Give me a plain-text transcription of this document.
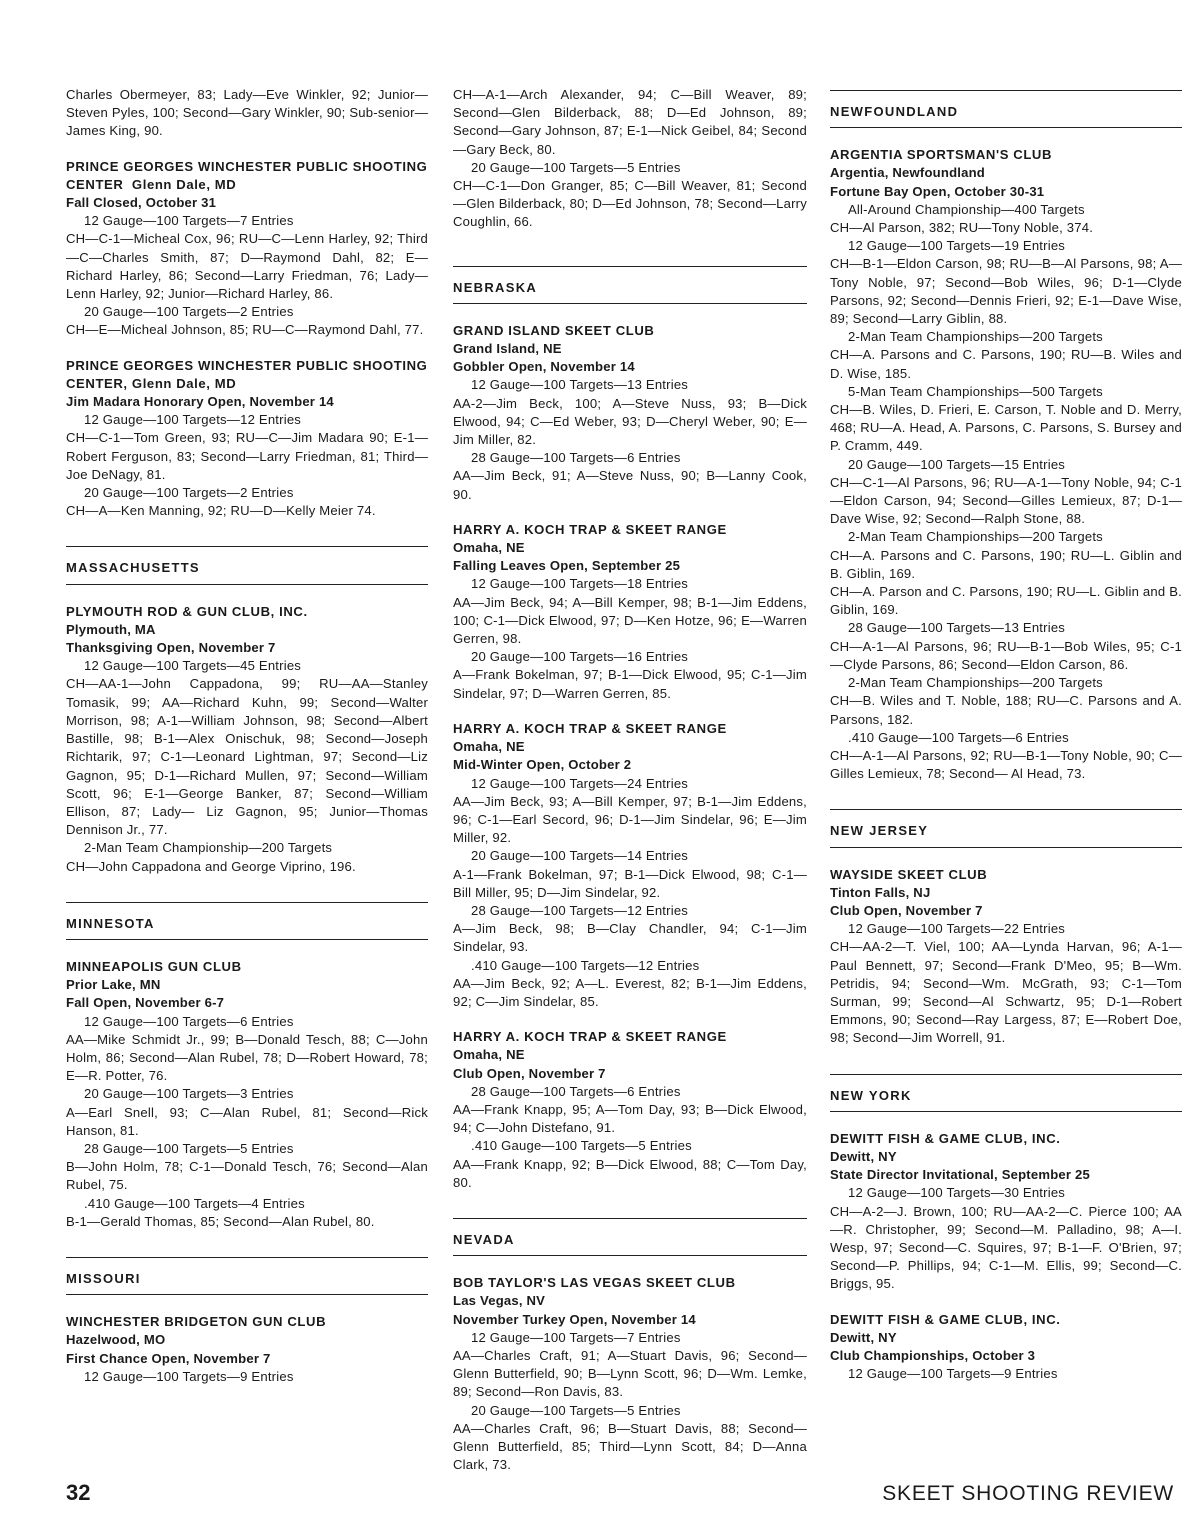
Charles Obermeyer, 83; Lady—Eve Winkler, 92; Junior—Steven Pyles, 100; Second—Gary Winkler, 90; Sub-senior—James King, 90.

PRINCE GEORGES WINCHESTER PUBLIC SHOOTING CENTER Glenn Dale, MD

Fall Closed, October 31

12 Gauge—100 Targets—7 Entries

CH—C-1—Micheal Cox, 96; RU—C—Lenn Harley, 92; Third—C—Charles Smith, 87; D—Raymond Dahl, 82; E—Richard Harley, 86; Second—Larry Friedman, 76; Lady—Lenn Harley, 92; Junior—Richard Harley, 86.

20 Gauge—100 Targets—2 Entries

CH—E—Micheal Johnson, 85; RU—C—Raymond Dahl, 77.

PRINCE GEORGES WINCHESTER PUBLIC SHOOTING CENTER, Glenn Dale, MD

Jim Madara Honorary Open, November 14

12 Gauge—100 Targets—12 Entries

CH—C-1—Tom Green, 93; RU—C—Jim Madara 90; E-1—Robert Ferguson, 83; Second—Larry Friedman, 81; Third—Joe DeNagy, 81.

20 Gauge—100 Targets—2 Entries

CH—A—Ken Manning, 92; RU—D—Kelly Meier 74.

MASSACHUSETTS

PLYMOUTH ROD & GUN CLUB, INC.

Plymouth, MA

Thanksgiving Open, November 7

12 Gauge—100 Targets—45 Entries

CH—AA-1—John Cappadona, 99; RU—AA—Stanley Tomasik, 99; AA—Richard Kuhn, 99; Second—Walter Morrison, 98; A-1—William Johnson, 98; Second—Albert Bastille, 98; B-1—Alex Onischuk, 98; Second—Joseph Richtarik, 97; C-1—Leonard Lightman, 97; Second—Liz Gagnon, 95; D-1—Richard Mullen, 97; Second—William Scott, 96; E-1—George Banker, 87; Second—William Ellison, 87; Lady— Liz Gagnon, 95; Junior—Thomas Dennison Jr., 77.

2-Man Team Championship—200 Targets

CH—John Cappadona and George Viprino, 196.

MINNESOTA

MINNEAPOLIS GUN CLUB

Prior Lake, MN

Fall Open, November 6-7

12 Gauge—100 Targets—6 Entries

AA—Mike Schmidt Jr., 99; B—Donald Tesch, 88; C—John Holm, 86; Second—Alan Rubel, 78; D—Robert Howard, 78; E—R. Potter, 76.

20 Gauge—100 Targets—3 Entries

A—Earl Snell, 93; C—Alan Rubel, 81; Second—Rick Hanson, 81.

28 Gauge—100 Targets—5 Entries

B—John Holm, 78; C-1—Donald Tesch, 76; Second—Alan Rubel, 75.

.410 Gauge—100 Targets—4 Entries

B-1—Gerald Thomas, 85; Second—Alan Rubel, 80.

MISSOURI

WINCHESTER BRIDGETON GUN CLUB

Hazelwood, MO

First Chance Open, November 7

12 Gauge—100 Targets—9 Entries

CH—A-1—Arch Alexander, 94; C—Bill Weaver, 89; Second—Glen Bilderback, 88; D—Ed Johnson, 89; Second—Gary Johnson, 87; E-1—Nick Geibel, 84; Second—Gary Beck, 80.

20 Gauge—100 Targets—5 Entries

CH—C-1—Don Granger, 85; C—Bill Weaver, 81; Second—Glen Bilderback, 80; D—Ed Johnson, 78; Second—Larry Coughlin, 66.

NEBRASKA

GRAND ISLAND SKEET CLUB

Grand Island, NE

Gobbler Open, November 14

12 Gauge—100 Targets—13 Entries

AA-2—Jim Beck, 100; A—Steve Nuss, 93; B—Dick Elwood, 94; C—Ed Weber, 93; D—Cheryl Weber, 90; E—Jim Miller, 82.

28 Gauge—100 Targets—6 Entries

AA—Jim Beck, 91; A—Steve Nuss, 90; B—Lanny Cook, 90.

HARRY A. KOCH TRAP & SKEET RANGE

Omaha, NE

Falling Leaves Open, September 25

12 Gauge—100 Targets—18 Entries

AA—Jim Beck, 94; A—Bill Kemper, 98; B-1—Jim Eddens, 100; C-1—Dick Elwood, 97; D—Ken Hotze, 96; E—Warren Gerren, 98.

20 Gauge—100 Targets—16 Entries

A—Frank Bokelman, 97; B-1—Dick Elwood, 95; C-1—Jim Sindelar, 97; D—Warren Gerren, 85.

HARRY A. KOCH TRAP & SKEET RANGE

Omaha, NE

Mid-Winter Open, October 2

12 Gauge—100 Targets—24 Entries

AA—Jim Beck, 93; A—Bill Kemper, 97; B-1—Jim Eddens, 96; C-1—Earl Secord, 96; D-1—Jim Sindelar, 96; E—Jim Miller, 92.

20 Gauge—100 Targets—14 Entries

A-1—Frank Bokelman, 97; B-1—Dick Elwood, 98; C-1—Bill Miller, 95; D—Jim Sindelar, 92.

28 Gauge—100 Targets—12 Entries

A—Jim Beck, 98; B—Clay Chandler, 94; C-1—Jim Sindelar, 93.

.410 Gauge—100 Targets—12 Entries

AA—Jim Beck, 92; A—L. Everest, 82; B-1—Jim Eddens, 92; C—Jim Sindelar, 85.

HARRY A. KOCH TRAP & SKEET RANGE

Omaha, NE

Club Open, November 7

28 Gauge—100 Targets—6 Entries

AA—Frank Knapp, 95; A—Tom Day, 93; B—Dick Elwood, 94; C—John Distefano, 91.

.410 Gauge—100 Targets—5 Entries

AA—Frank Knapp, 92; B—Dick Elwood, 88; C—Tom Day, 80.

NEVADA

BOB TAYLOR'S LAS VEGAS SKEET CLUB

Las Vegas, NV

November Turkey Open, November 14

12 Gauge—100 Targets—7 Entries

AA—Charles Craft, 91; A—Stuart Davis, 96; Second—Glenn Butterfield, 90; B—Lynn Scott, 96; D—Wm. Lemke, 89; Second—Ron Davis, 83.

20 Gauge—100 Targets—5 Entries

AA—Charles Craft, 96; B—Stuart Davis, 88; Second—Glenn Butterfield, 85; Third—Lynn Scott, 84; D—Anna Clark, 73.

NEWFOUNDLAND

ARGENTIA SPORTSMAN'S CLUB

Argentia, Newfoundland

Fortune Bay Open, October 30-31

All-Around Championship—400 Targets

CH—Al Parson, 382; RU—Tony Noble, 374.

12 Gauge—100 Targets—19 Entries

CH—B-1—Eldon Carson, 98; RU—B—Al Parsons, 98; A—Tony Noble, 97; Second—Bob Wiles, 96; D-1—Clyde Parsons, 92; Second—Dennis Frieri, 92; E-1—Dave Wise, 89; Second—Larry Giblin, 88.

2-Man Team Championships—200 Targets

CH—A. Parsons and C. Parsons, 190; RU—B. Wiles and D. Wise, 185.

5-Man Team Championships—500 Targets

CH—B. Wiles, D. Frieri, E. Carson, T. Noble and D. Merry, 468; RU—A. Head, A. Parsons, C. Parsons, S. Bursey and P. Cramm, 449.

20 Gauge—100 Targets—15 Entries

CH—C-1—Al Parsons, 96; RU—A-1—Tony Noble, 94; C-1—Eldon Carson, 94; Second—Gilles Lemieux, 87; D-1—Dave Wise, 92; Second—Ralph Stone, 88.

2-Man Team Championships—200 Targets

CH—A. Parsons and C. Parsons, 190; RU—L. Giblin and B. Giblin, 169.

CH—A. Parson and C. Parsons, 190; RU—L. Giblin and B. Giblin, 169.

28 Gauge—100 Targets—13 Entries

CH—A-1—Al Parsons, 96; RU—B-1—Bob Wiles, 95; C-1—Clyde Parsons, 86; Second—Eldon Carson, 86.

2-Man Team Championships—200 Targets

CH—B. Wiles and T. Noble, 188; RU—C. Parsons and A. Parsons, 182.

.410 Gauge—100 Targets—6 Entries

CH—A-1—Al Parsons, 92; RU—B-1—Tony Noble, 90; C—Gilles Lemieux, 78; Second— Al Head, 73.

NEW JERSEY

WAYSIDE SKEET CLUB

Tinton Falls, NJ

Club Open, November 7

12 Gauge—100 Targets—22 Entries

CH—AA-2—T. Viel, 100; AA—Lynda Harvan, 96; A-1—Paul Bennett, 97; Second—Frank D'Meo, 95; B—Wm. Petridis, 94; Second—Wm. McGrath, 93; C-1—Tom Surman, 99; Second—Al Schwartz, 95; D-1—Robert Emmons, 90; Second—Ray Largess, 87; E—Robert Doe, 98; Second—Jim Worrell, 91.

NEW YORK

DEWITT FISH & GAME CLUB, INC.

Dewitt, NY

State Director Invitational, September 25

12 Gauge—100 Targets—30 Entries

CH—A-2—J. Brown, 100; RU—AA-2—C. Pierce 100; AA—R. Christopher, 99; Second—M. Palladino, 98; A—I. Wesp, 97; Second—C. Squires, 97; B-1—F. O'Brien, 97; Second—P. Phillips, 94; C-1—M. Ellis, 99; Second—C. Briggs, 95.

DEWITT FISH & GAME CLUB, INC.

Dewitt, NY

Club Championships, October 3

12 Gauge—100 Targets—9 Entries

32	SKEET SHOOTING REVIEW
